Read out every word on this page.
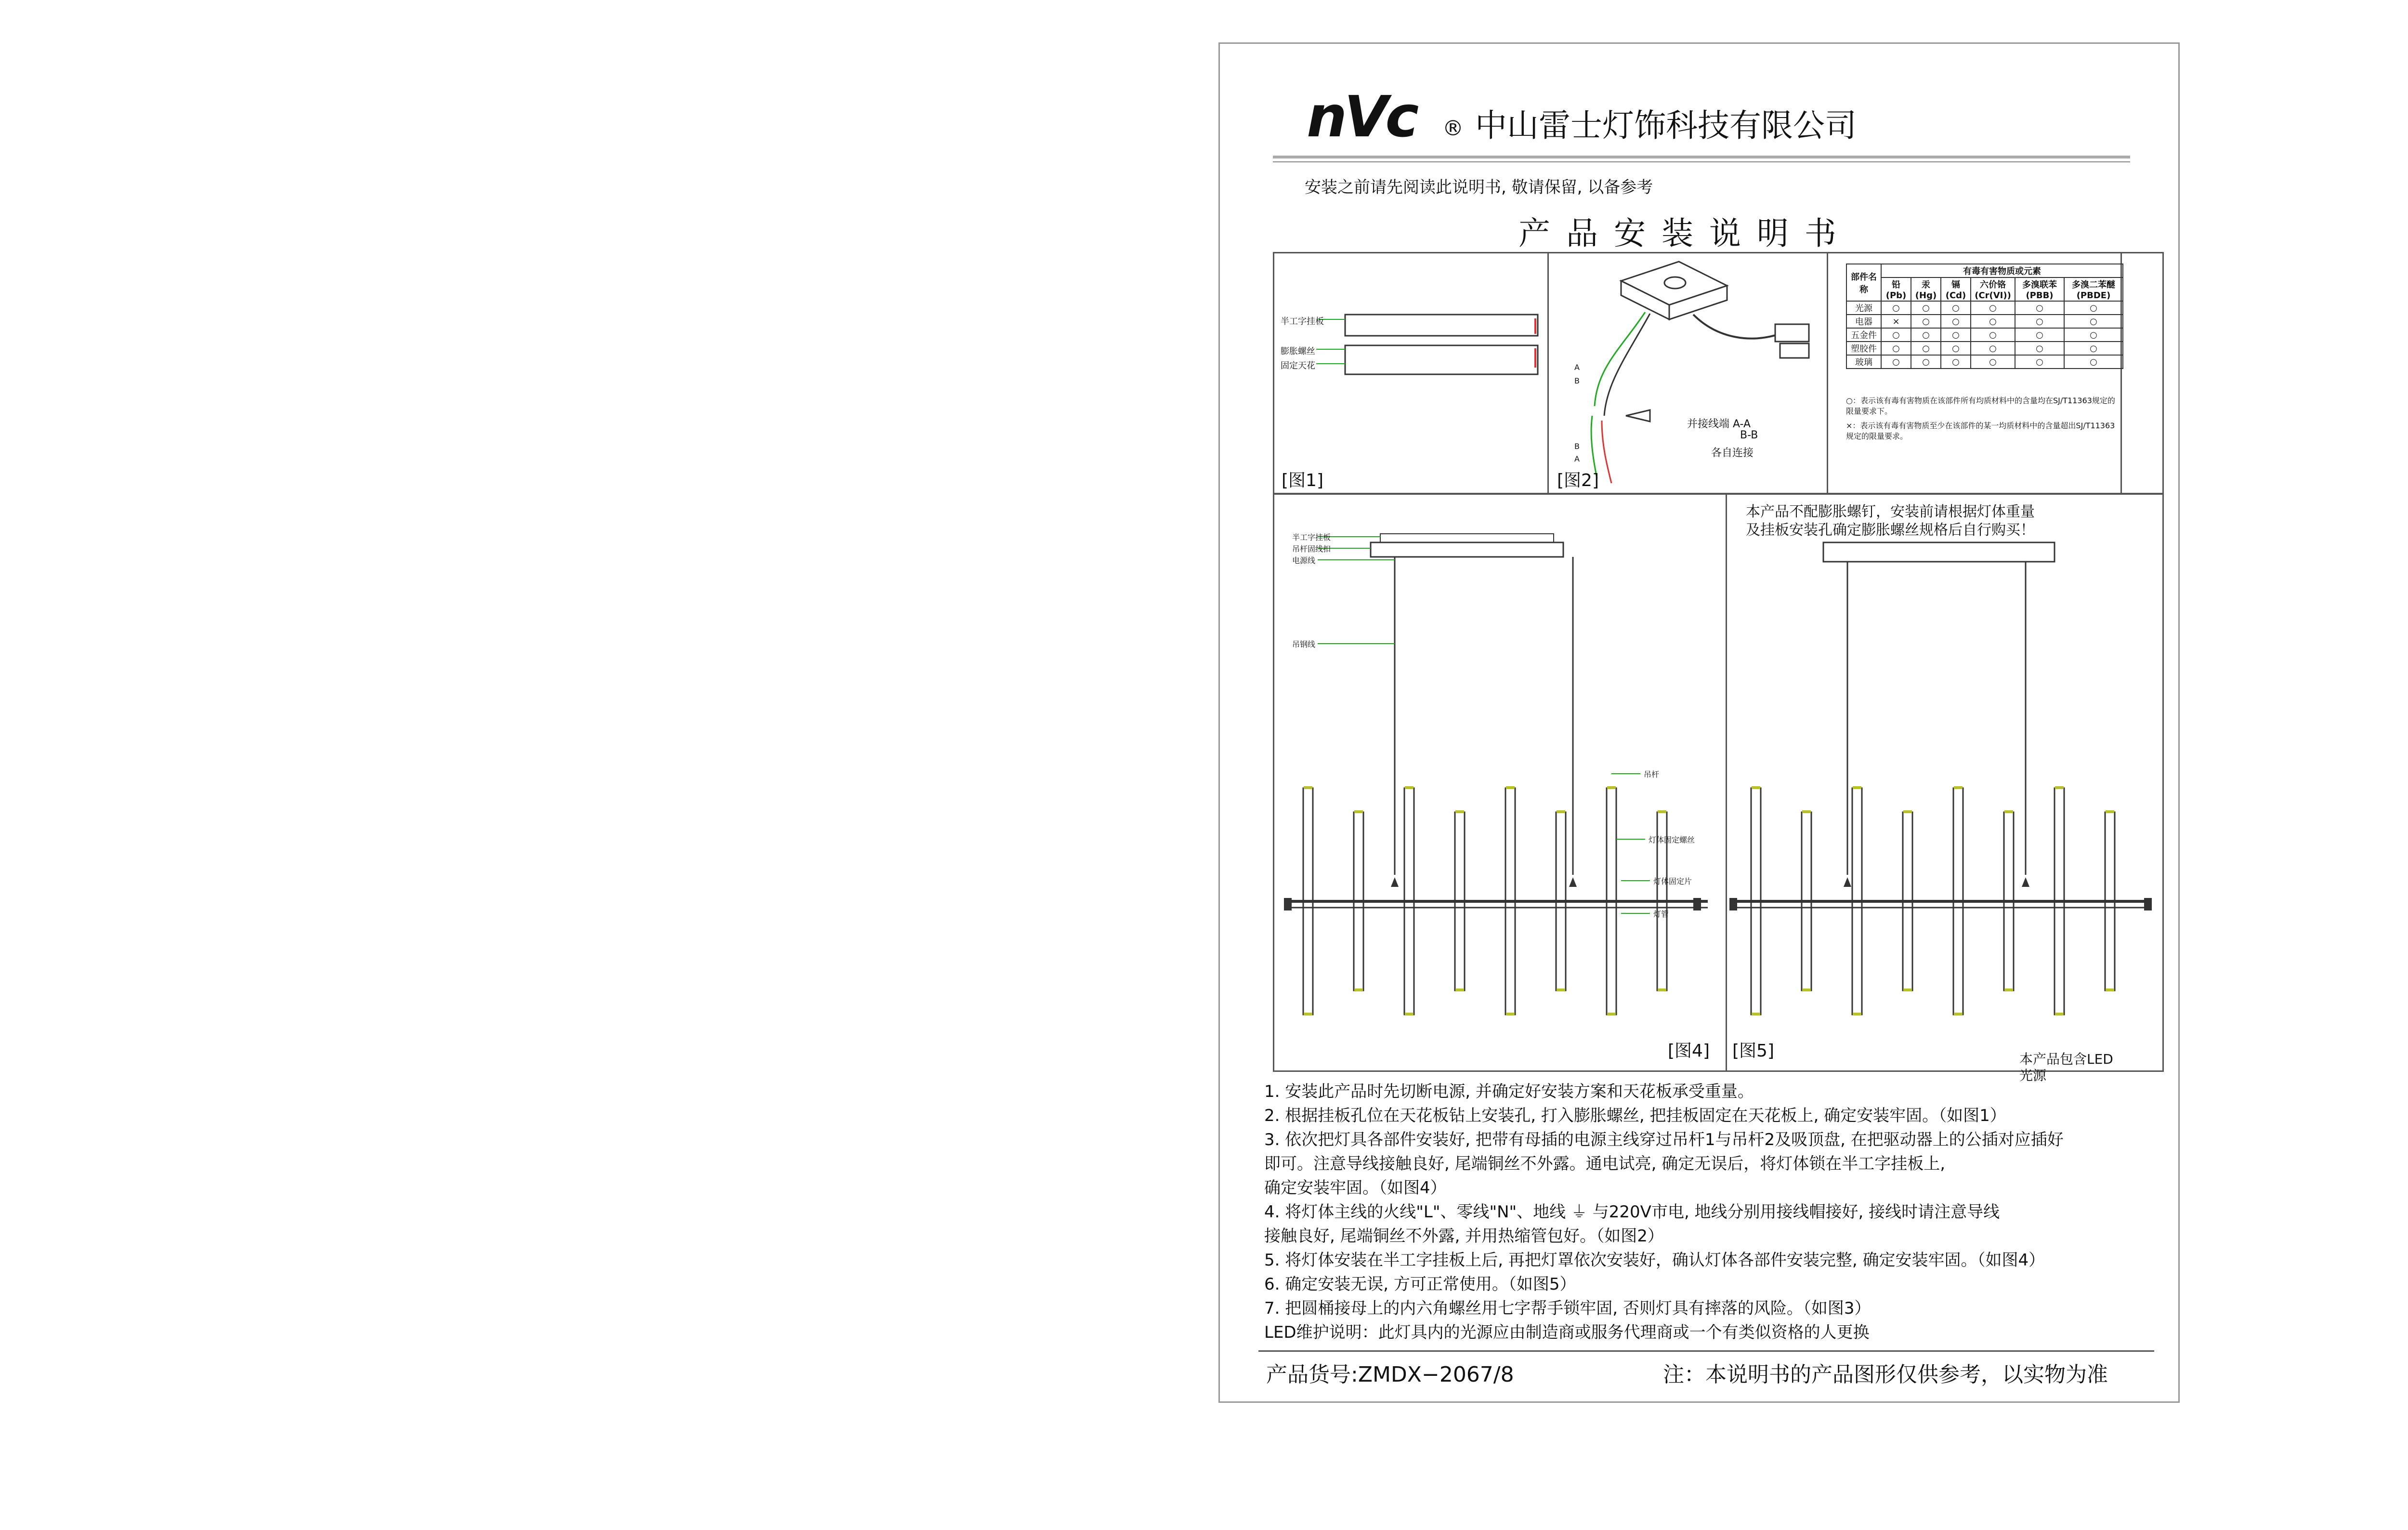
nVc ® 中山雷士灯饰科技有限公司
安装之前请先阅读此说明书, 敬请保留, 以备参考
产 品 安 装 说 明 书
半工字挂板
膨胀螺丝
固定天花
[图1]
A
B
B
A
并接线端 A-A
B-B
各自连接
[图2]
部件名称	有毒有害物质或元素					
	铅(Pb)	汞(Hg)	镉(Cd)	六价铬(Cr(VI))	多溴联苯(PBB)	多溴二苯醚(PBDE)
光源	○	○	○	○	○	○
电器	×	○	○	○	○	○
五金件	○	○	○	○	○	○
塑胶件	○	○	○	○	○	○
玻璃	○	○	○	○	○	○
○：表示该有毒有害物质在该部件所有均质材料中的含量均在SJ/T11363规定的限量要求下。
×：表示该有毒有害物质至少在该部件的某一均质材料中的含量超出SJ/T11363规定的限量要求。
半工字挂板
吊杆固线扣
电源线
吊钢线
吊杆
灯体固定螺丝
灯体固定片
灯管
[图4]
本产品不配膨胀螺钉，安装前请根据灯体重量
及挂板安装孔确定膨胀螺丝规格后自行购买！
[图5]	本产品包含LED
光源
1. 安装此产品时先切断电源, 并确定好安装方案和天花板承受重量。
2. 根据挂板孔位在天花板钻上安装孔, 打入膨胀螺丝, 把挂板固定在天花板上, 确定安装牢固。（如图1）
3. 依次把灯具各部件安装好, 把带有母插的电源主线穿过吊杆1与吊杆2及吸顶盘, 在把驱动器上的公插对应插好
即可。注意导线接触良好, 尾端铜丝不外露。通电试亮, 确定无误后，将灯体锁在半工字挂板上,
确定安装牢固。（如图4）
4. 将灯体主线的火线"L"、零线"N"、地线 ⏚ 与220V市电, 地线分别用接线帽接好, 接线时请注意导线
接触良好, 尾端铜丝不外露, 并用热缩管包好。（如图2）
5. 将灯体安装在半工字挂板上后, 再把灯罩依次安装好，确认灯体各部件安装完整, 确定安装牢固。（如图4）
6. 确定安装无误, 方可正常使用。（如图5）
7. 把圆桶接母上的内六角螺丝用七字帮手锁牢固, 否则灯具有摔落的风险。（如图3）
LED维护说明：此灯具内的光源应由制造商或服务代理商或一个有类似资格的人更换
产品货号:ZMDX−2067/8	注：本说明书的产品图形仅供参考，以实物为准
